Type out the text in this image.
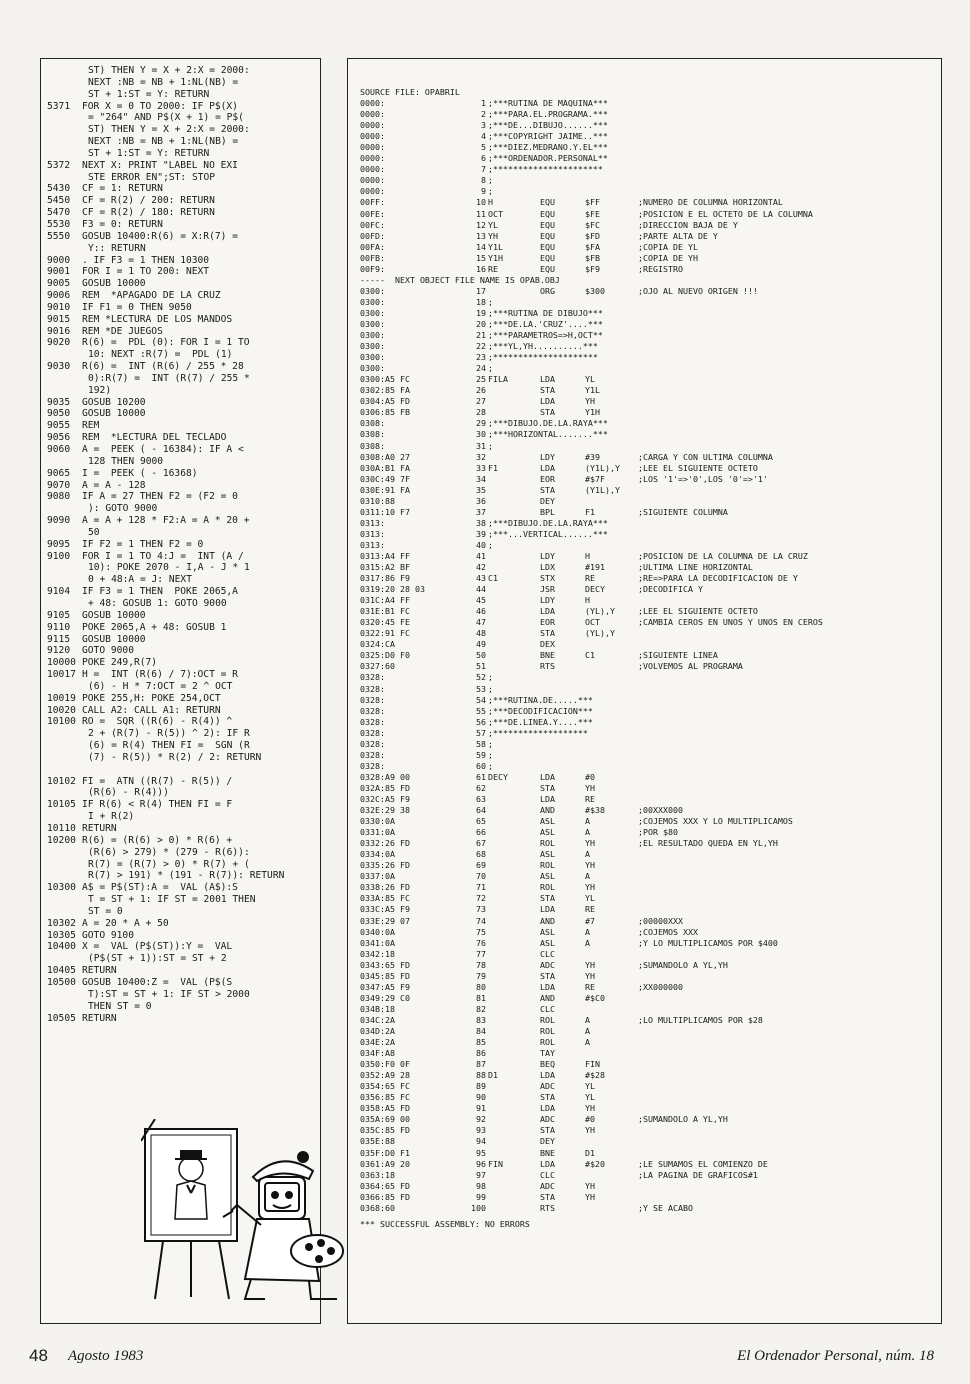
ST) THEN Y = X + 2:X = 2000:
NEXT :NB = NB + 1:NL(NB) =
ST + 1:ST = Y: RETURN
5371 FOR X = 0 TO 2000: IF P$(X)
= "264" AND P$(X + 1) = P$(
ST) THEN Y = X + 2:X = 2000:
NEXT :NB = NB + 1:NL(NB) =
ST + 1:ST = Y: RETURN
5372 NEXT X: PRINT "LABEL NO EXI
STE ERROR EN";ST: STOP
5430 CF = 1: RETURN
5450 CF = R(2) / 200: RETURN
5470 CF = R(2) / 180: RETURN
5530 F3 = 0: RETURN
5550 GOSUB 10400:R(6) = X:R(7) =
Y:: RETURN
9000 . IF F3 = 1 THEN 10300
9001 FOR I = 1 TO 200: NEXT
9005 GOSUB 10000
9006 REM  *APAGADO DE LA CRUZ
9010 IF F1 = 0 THEN 9050
9015 REM *LECTURA DE LOS MANDOS
9016 REM *DE JUEGOS
9020 R(6) =  PDL (0): FOR I = 1 TO
10: NEXT :R(7) =  PDL (1)
9030 R(6) =  INT (R(6) / 255 * 28
0):R(7) =  INT (R(7) / 255 *
192)
9035 GOSUB 10200
9050 GOSUB 10000
9055 REM
9056 REM  *LECTURA DEL TECLADO
9060 A =  PEEK ( - 16384): IF A <
128 THEN 9000
9065 I =  PEEK ( - 16368)
9070 A = A - 128
9080 IF A = 27 THEN F2 = (F2 = 0
): GOTO 9000
9090 A = A + 128 * F2:A = A * 20 +
50
9095 IF F2 = 1 THEN F2 = 0
9100 FOR I = 1 TO 4:J =  INT (A /
10): POKE 2070 - I,A - J * 1
0 + 48:A = J: NEXT
9104 IF F3 = 1 THEN  POKE 2065,A
+ 48: GOSUB 1: GOTO 9000
9105 GOSUB 10000
9110 POKE 2065,A + 48: GOSUB 1
9115 GOSUB 10000
9120 GOTO 9000
10000 POKE 249,R(7)
10017 H =  INT (R(6) / 7):OCT = R
(6) - H * 7:OCT = 2 ^ OCT
10019 POKE 255,H: POKE 254,OCT
10020 CALL A2: CALL A1: RETURN
10100 RO =  SQR ((R(6) - R(4)) ^
2 + (R(7) - R(5)) ^ 2): IF R
(6) = R(4) THEN FI =  SGN (R
(7) - R(5)) * R(2) / 2: RETURN
10102 FI =  ATN ((R(7) - R(5)) /
(R(6) - R(4)))
10105 IF R(6) < R(4) THEN FI = F
I + R(2)
10110 RETURN
10200 R(6) = (R(6) > 0) * R(6) +
(R(6) > 279) * (279 - R(6)):
R(7) = (R(7) > 0) * R(7) + (
R(7) > 191) * (191 - R(7)): RETURN
10300 A$ = P$(ST):A =  VAL (A$):S
T = ST + 1: IF ST = 2001 THEN
ST = 0
10302 A = 20 * A + 50
10305 GOTO 9100
10400 X =  VAL (P$(ST)):Y =  VAL
(P$(ST + 1)):ST = ST + 2
10405 RETURN
10500 GOSUB 10400:Z =  VAL (P$(S
T):ST = ST + 1: IF ST > 2000
THEN ST = 0
10505 RETURN
SOURCE FILE: OPABRIL
0000:	1 ;***RUTINA DE MAQUINA***
0000:	2 ;***PARA.EL.PROGRAMA.***
0000:	3 ;***DE...DIBUJO......***
0000:	4 ;***COPYRIGHT JAIME..***
0000:	5 ;***DIEZ.MEDRANO.Y.EL***
0000:	6 ;***ORDENADOR.PERSONAL**
0000:	7 ;**********************
0000:	8 ;
0000:	9 ;
00FF:	10 H	EQU	$FF	;NUMERO DE COLUMNA HORIZONTAL
00FE:	11 OCT	EQU	$FE	;POSICION E EL OCTETO DE LA COLUMNA
00FC:	12 YL	EQU	$FC	;DIRECCION BAJA DE Y
00FD:	13 YH	EQU	$FD	;PARTE ALTA DE Y
00FA:	14 Y1L	EQU	$FA	;COPIA DE YL
00FB:	15 Y1H	EQU	$FB	;COPIA DE YH
00F9:	16 RE	EQU	$F9	;REGISTRO
-----  NEXT OBJECT FILE NAME IS OPAB.OBJ
0300:	17	ORG	$300	;OJO AL NUEVO ORIGEN !!!
0300:	18 ;
0300:	19 ;***RUTINA DE DIBUJO***
0300:	20 ;***DE.LA.'CRUZ'....***
0300:	21 ;***PARAMETROS=>H,OCT**
0300:	22 ;***YL,YH..........***
0300:	23 ;*********************
0300:	24 ;
0300:A5 FC	25 FILA	LDA	YL
0302:85 FA	26	STA	Y1L
0304:A5 FD	27	LDA	YH
0306:85 FB	28	STA	Y1H
0308:	29 ;***DIBUJO.DE.LA.RAYA***
0308:	30 ;***HORIZONTAL.......***
0308:	31 ;
0308:A0 27	32	LDY	#39	;CARGA Y CON ULTIMA COLUMNA
030A:B1 FA	33 F1	LDA	(Y1L),Y ;LEE EL SIGUIENTE OCTETO
030C:49 7F	34	EOR	#$7F	;LOS '1'=>'0',LOS '0'=>'1'
030E:91 FA	35	STA	(Y1L),Y
0310:88	36	DEY
0311:10 F7	37	BPL	F1	;SIGUIENTE COLUMNA
0313:	38 ;***DIBUJO.DE.LA.RAYA***
0313:	39 ;***...VERTICAL......***
0313:	40 ;
0313:A4 FF	41	LDY	H	;POSICION DE LA COLUMNA DE LA CRUZ
0315:A2 BF	42	LDX	#191	;ULTIMA LINE HORIZONTAL
0317:86 F9	43 C1	STX	RE	;RE=>PARA LA DECODIFICACION DE Y
0319:20 28 03	44	JSR	DECY	;DECODIFICA Y
031C:A4 FF	45	LDY	H
031E:B1 FC	46	LDA	(YL),Y	;LEE EL SIGUIENTE OCTETO
0320:45 FE	47	EOR	OCT	;CAMBIA CEROS EN UNOS Y UNOS EN CEROS
0322:91 FC	48	STA	(YL),Y
0324:CA	49	DEX
0325:D0 F0	50	BNE	C1	;SIGUIENTE LINEA
0327:60	51	RTS	;VOLVEMOS AL PROGRAMA
0328:	52 ;
0328:	53 ;
0328:	54 ;***RUTINA.DE.....***
0328:	55 ;***DECODIFICACION***
0328:	56 ;***DE.LINEA.Y....***
0328:	57 ;*******************
0328:	58 ;
0328:	59 ;
0328:	60 ;
0328:A9 00	61 DECY	LDA	#0
032A:85 FD	62	STA	YH
032C:A5 F9	63	LDA	RE
032E:29 38	64	AND	#$38	;00XXX000
0330:0A	65	ASL	A	;COJEMOS XXX Y LO MULTIPLICAMOS
0331:0A	66	ASL	A	;POR $80
0332:26 FD	67	ROL	YH	;EL RESULTADO QUEDA EN YL,YH
0334:0A	68	ASL	A
0335:26 FD	69	ROL	YH
0337:0A	70	ASL	A
0338:26 FD	71	ROL	YH
033A:85 FC	72	STA	YL
033C:A5 F9	73	LDA	RE
033E:29 07	74	AND	#7	;00000XXX
0340:0A	75	ASL	A	;COJEMOS XXX
0341:0A	76	ASL	A	;Y LO MULTIPLICAMOS POR $400
0342:18	77	CLC
0343:65 FD	78	ADC	YH	;SUMANDOLO A YL,YH
0345:85 FD	79	STA	YH
0347:A5 F9	80	LDA	RE	;XX000000
0349:29 C0	81	AND	#$C0
034B:18	82	CLC
034C:2A	83	ROL	A	;LO MULTIPLICAMOS POR $28
034D:2A	84	ROL	A
034E:2A	85	ROL	A
034F:A8	86	TAY
0350:F0 0F	87	BEQ	FIN
0352:A9 28	88 D1	LDA	#$28
0354:65 FC	89	ADC	YL
0356:85 FC	90	STA	YL
0358:A5 FD	91	LDA	YH
035A:69 00	92	ADC	#0	;SUMANDOLO A YL,YH
035C:85 FD	93	STA	YH
035E:88	94	DEY
035F:D0 F1	95	BNE	D1
0361:A9 20	96 FIN	LDA	#$20	;LE SUMAMOS EL COMIENZO DE
0363:18	97	CLC	;LA PAGINA DE GRAFICOS#1
0364:65 FD	98	ADC	YH
0366:85 FD	99	STA	YH
0368:60	100	RTS	;Y SE ACABO
*** SUCCESSFUL ASSEMBLY: NO ERRORS
48 Agosto 1983	El Ordenador Personal, núm. 18
